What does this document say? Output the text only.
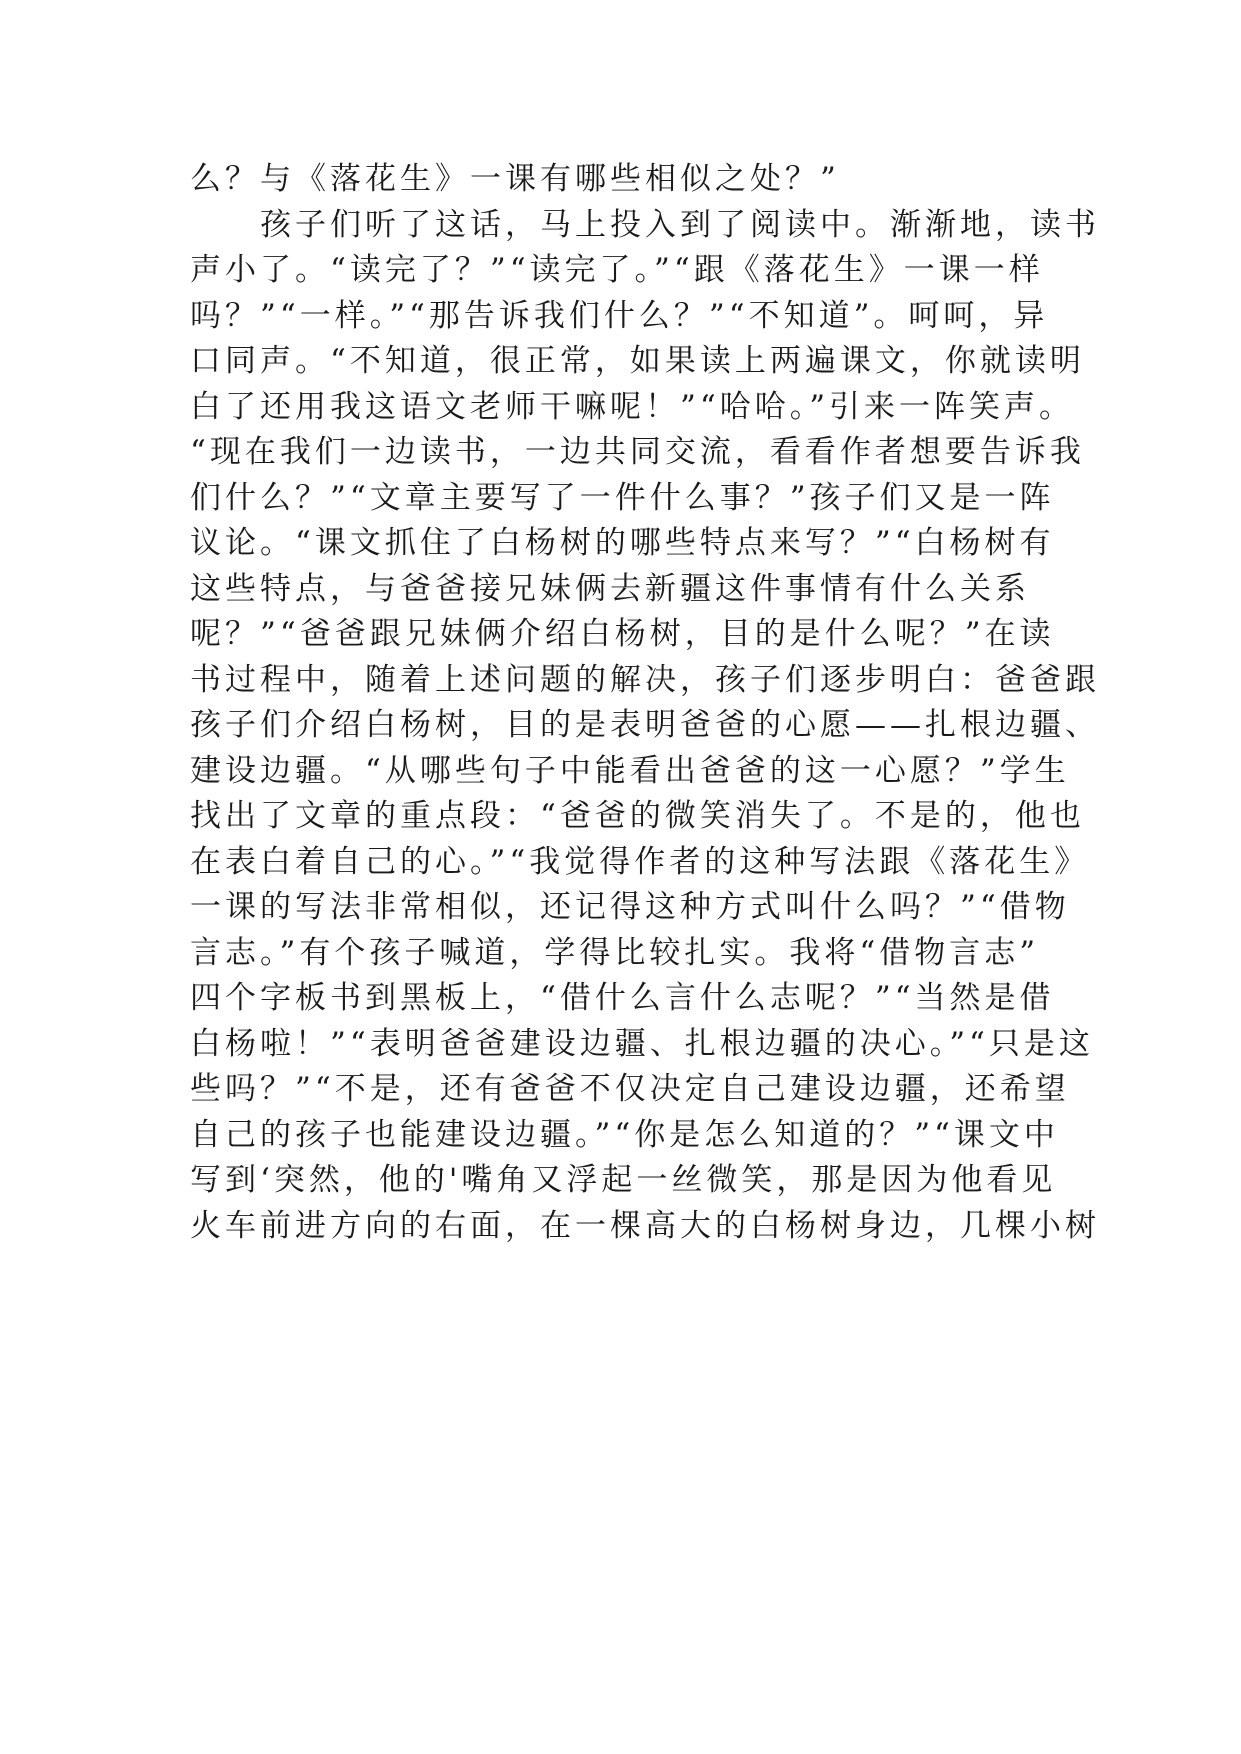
么？与《落花生》一课有哪些相似之处？”
　　孩子们听了这话，马上投入到了阅读中。渐渐地，读书
声小了。“读完了？”“读完了。”“跟《落花生》一课一样
吗？”“一样。”“那告诉我们什么？”“不知道”。呵呵，异
口同声。“不知道，很正常，如果读上两遍课文，你就读明
白了还用我这语文老师干嘛呢！”“哈哈。”引来一阵笑声。
“现在我们一边读书，一边共同交流，看看作者想要告诉我
们什么？”“文章主要写了一件什么事？”孩子们又是一阵
议论。“课文抓住了白杨树的哪些特点来写？”“白杨树有
这些特点，与爸爸接兄妹俩去新疆这件事情有什么关系
呢？”“爸爸跟兄妹俩介绍白杨树，目的是什么呢？”在读
书过程中，随着上述问题的解决，孩子们逐步明白：爸爸跟
孩子们介绍白杨树，目的是表明爸爸的心愿——扎根边疆、
建设边疆。“从哪些句子中能看出爸爸的这一心愿？”学生
找出了文章的重点段：“爸爸的微笑消失了。不是的，他也
在表白着自己的心。”“我觉得作者的这种写法跟《落花生》
一课的写法非常相似，还记得这种方式叫什么吗？”“借物
言志。”有个孩子喊道，学得比较扎实。我将“借物言志”
四个字板书到黑板上，“借什么言什么志呢？”“当然是借
白杨啦！”“表明爸爸建设边疆、扎根边疆的决心。”“只是这
些吗？”“不是，还有爸爸不仅决定自己建设边疆，还希望
自己的孩子也能建设边疆。”“你是怎么知道的？”“课文中
写到‘突然，他的'嘴角又浮起一丝微笑，那是因为他看见
火车前进方向的右面，在一棵高大的白杨树身边，几棵小树
